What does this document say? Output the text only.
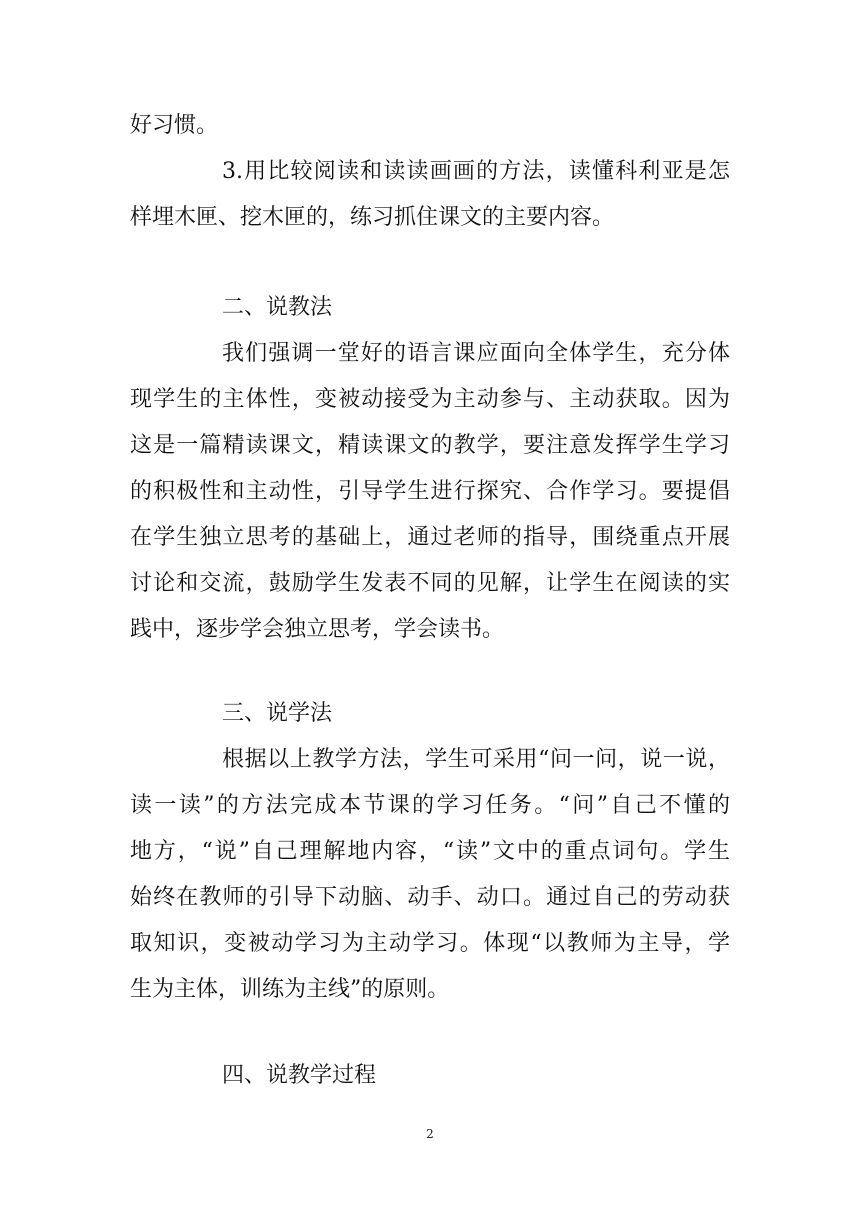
好习惯。
3.用比较阅读和读读画画的方法，读懂科利亚是怎
样埋木匣、挖木匣的，练习抓住课文的主要内容。
二、说教法
我们强调一堂好的语言课应面向全体学生，充分体
现学生的主体性，变被动接受为主动参与、主动获取。因为
这是一篇精读课文，精读课文的教学，要注意发挥学生学习
的积极性和主动性，引导学生进行探究、合作学习。要提倡
在学生独立思考的基础上，通过老师的指导，围绕重点开展
讨论和交流，鼓励学生发表不同的见解，让学生在阅读的实
践中，逐步学会独立思考，学会读书。
三、说学法
根据以上教学方法，学生可采用“问一问，说一说，
读一读”的方法完成本节课的学习任务。“问”自己不懂的
地方，“说”自己理解地内容，“读”文中的重点词句。学生
始终在教师的引导下动脑、动手、动口。通过自己的劳动获
取知识，变被动学习为主动学习。体现“以教师为主导，学
生为主体，训练为主线”的原则。
四、说教学过程
2
